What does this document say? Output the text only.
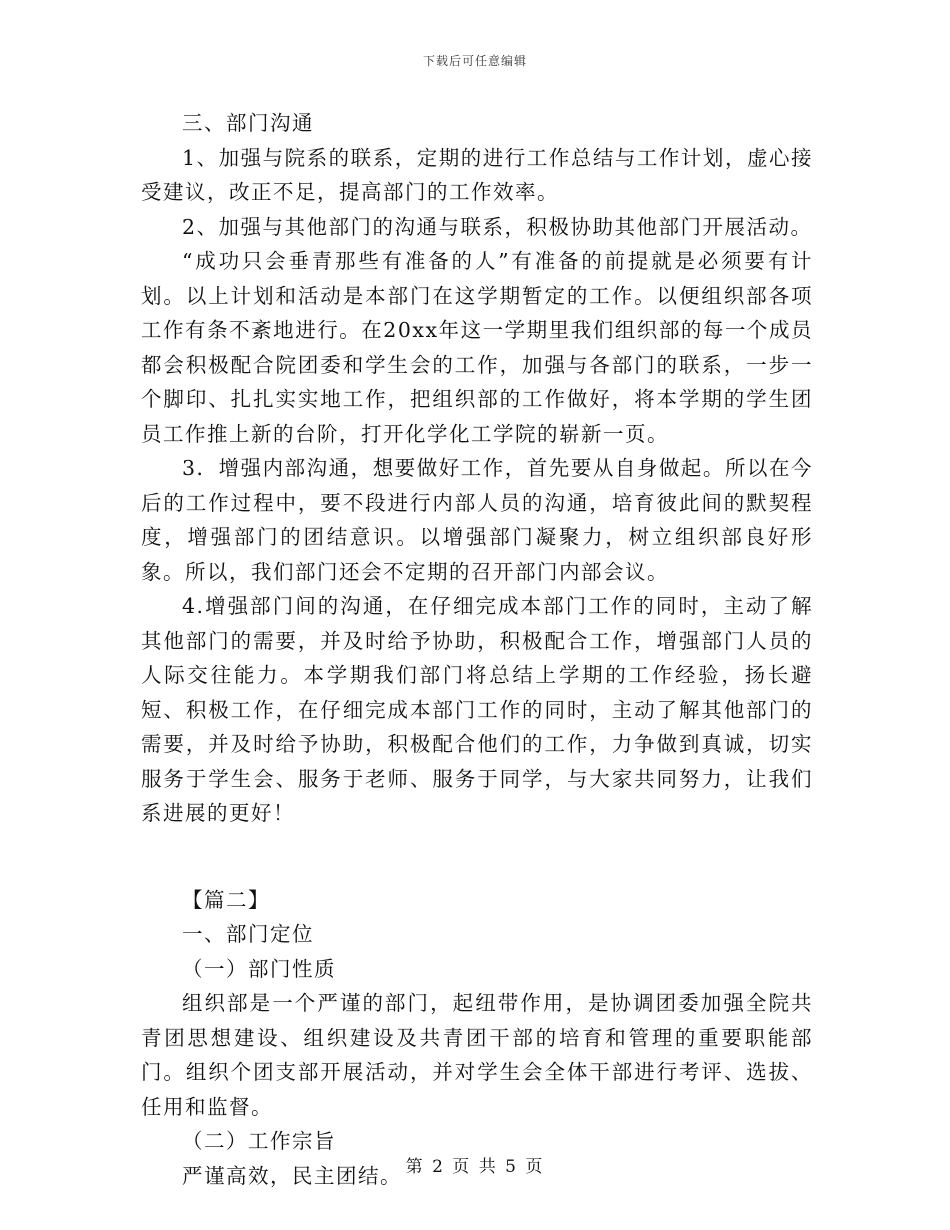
下载后可任意编辑

三、部门沟通

1、加强与院系的联系，定期的进行工作总结与工作计划，虚心接受建议，改正不足，提高部门的工作效率。

2、加强与其他部门的沟通与联系，积极协助其他部门开展活动。

“成功只会垂青那些有准备的人”有准备的前提就是必须要有计划。以上计划和活动是本部门在这学期暂定的工作。以便组织部各项工作有条不紊地进行。在20xx年这一学期里我们组织部的每一个成员都会积极配合院团委和学生会的工作，加强与各部门的联系，一步一个脚印、扎扎实实地工作，把组织部的工作做好，将本学期的学生团员工作推上新的台阶，打开化学化工学院的崭新一页。

3．增强内部沟通，想要做好工作，首先要从自身做起。所以在今后的工作过程中，要不段进行内部人员的沟通，培育彼此间的默契程度，增强部门的团结意识。以增强部门凝聚力，树立组织部良好形象。所以，我们部门还会不定期的召开部门内部会议。

4.增强部门间的沟通，在仔细完成本部门工作的同时，主动了解其他部门的需要，并及时给予协助，积极配合工作，增强部门人员的人际交往能力。本学期我们部门将总结上学期的工作经验，扬长避短、积极工作，在仔细完成本部门工作的同时，主动了解其他部门的需要，并及时给予协助，积极配合他们的工作，力争做到真诚，切实服务于学生会、服务于老师、服务于同学，与大家共同努力，让我们系进展的更好！

【篇二】

一、部门定位

（一）部门性质

组织部是一个严谨的部门，起纽带作用，是协调团委加强全院共青团思想建设、组织建设及共青团干部的培育和管理的重要职能部门。组织个团支部开展活动，并对学生会全体干部进行考评、选拔、任用和监督。

（二）工作宗旨

严谨高效，民主团结。 第 2 页 共 5 页
